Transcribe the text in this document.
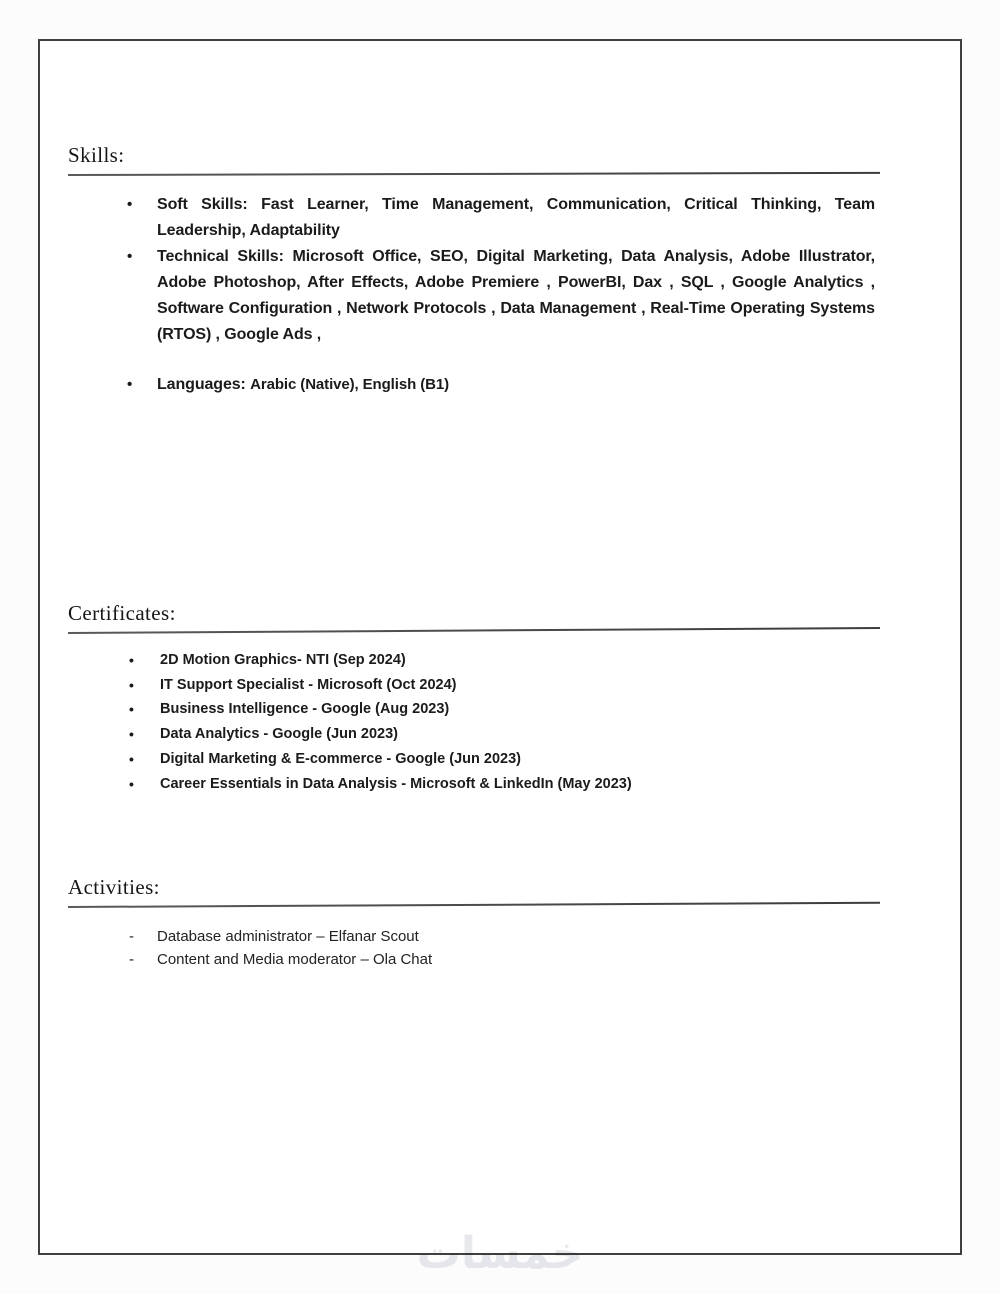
Skills:
• Soft Skills: Fast Learner, Time Management, Communication, Critical Thinking, Team Leadership, Adaptability
• Technical Skills: Microsoft Office, SEO, Digital Marketing, Data Analysis, Adobe Illustrator, Adobe Photoshop, After Effects, Adobe Premiere , PowerBI, Dax , SQL , Google Analytics , Software Configuration , Network Protocols , Data Management , Real-Time Operating Systems (RTOS) , Google Ads ,
• Languages: Arabic (Native), English (B1)
Certificates:
• 2D Motion Graphics- NTI (Sep 2024)
• IT Support Specialist - Microsoft (Oct 2024)
• Business Intelligence - Google (Aug 2023)
• Data Analytics - Google (Jun 2023)
• Digital Marketing & E-commerce - Google (Jun 2023)
• Career Essentials in Data Analysis - Microsoft & LinkedIn (May 2023)
Activities:
- Database administrator – Elfanar Scout
- Content and Media moderator – Ola Chat
خمسات
